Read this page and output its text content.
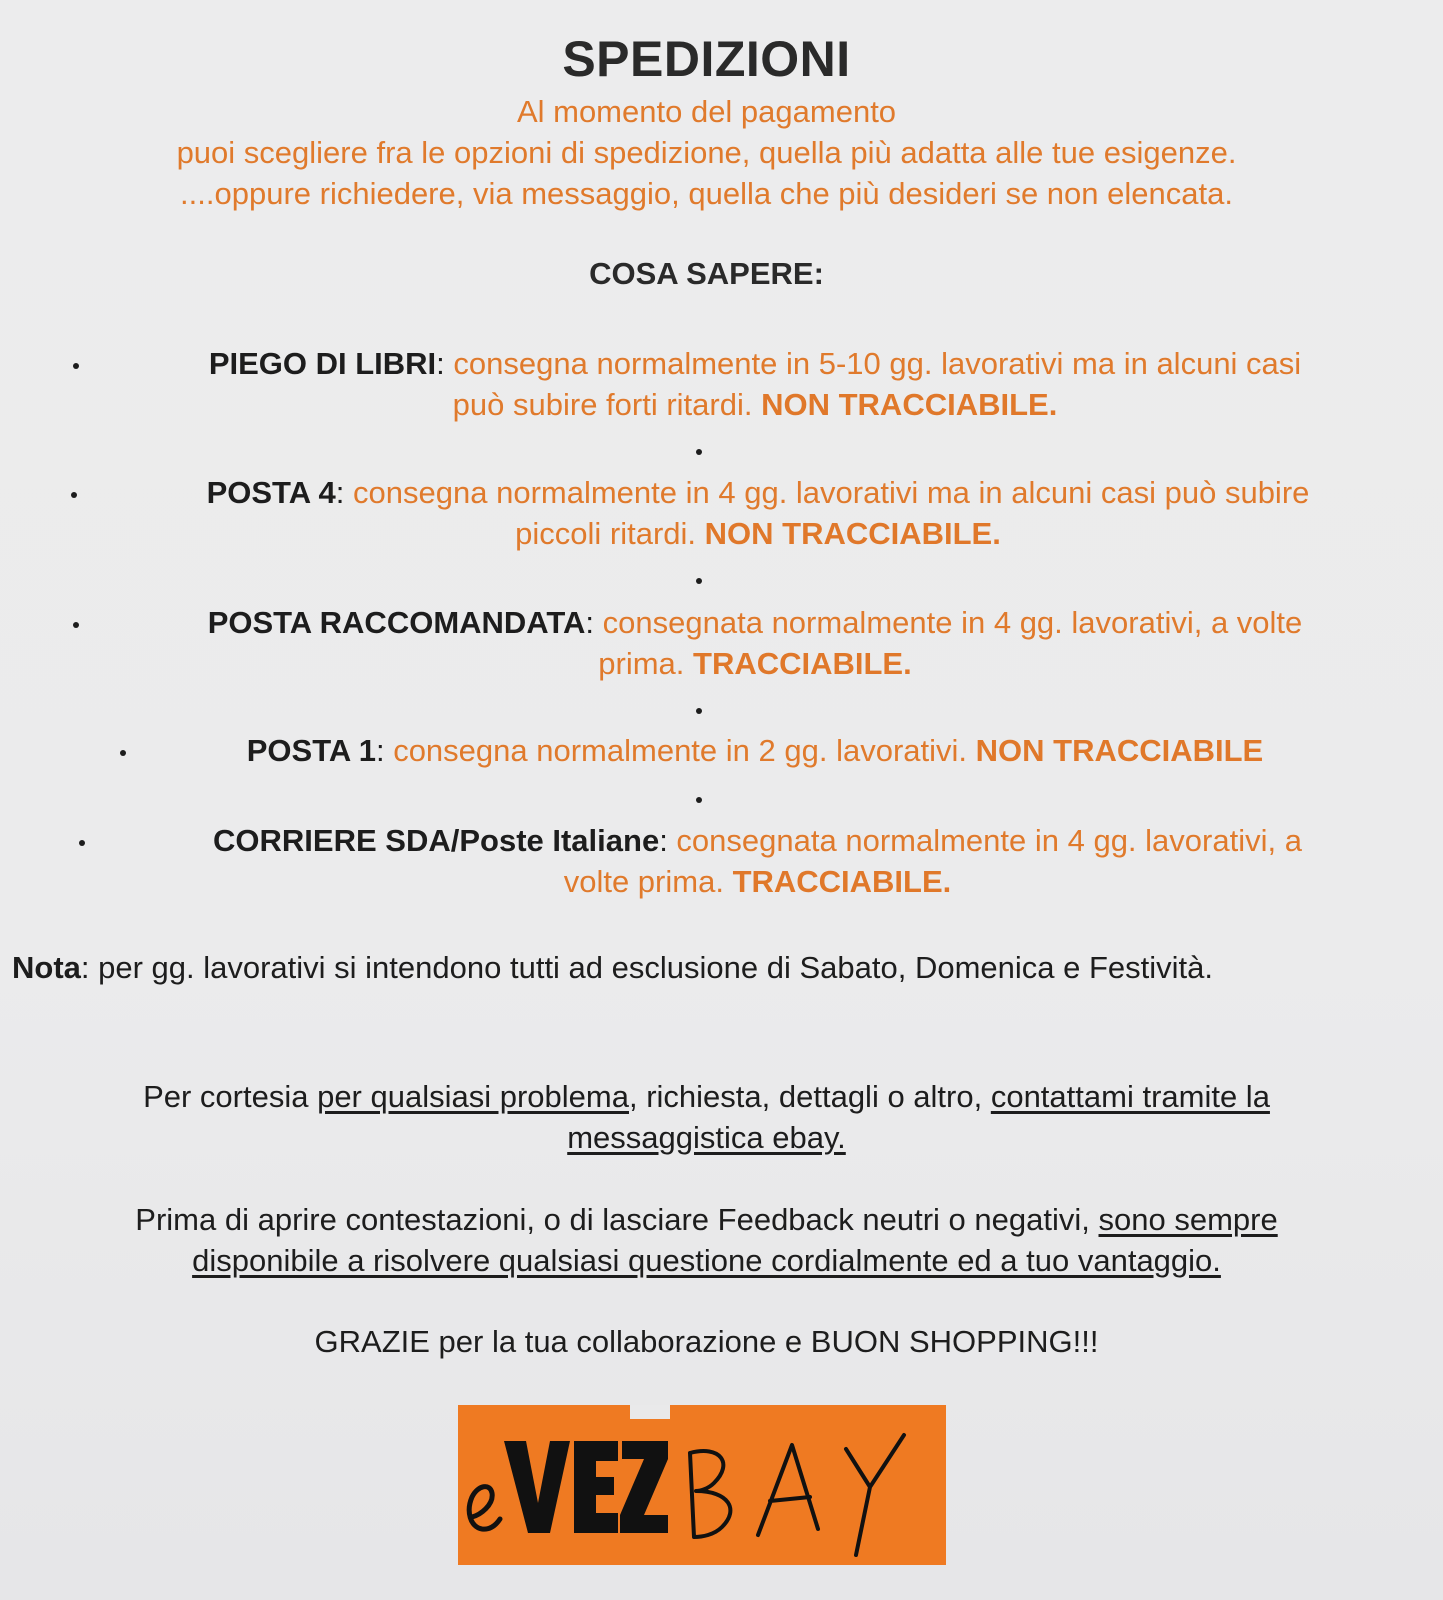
SPEDIZIONI
Al momento del pagamento
puoi scegliere fra le opzioni di spedizione, quella più adatta alle tue esigenze.
....oppure richiedere, via messaggio, quella che più desideri se non elencata.
COSA SAPERE:
PIEGO DI LIBRI: consegna normalmente in 5-10 gg. lavorativi ma in alcuni casi
può subire forti ritardi. NON TRACCIABILE.
POSTA 4: consegna normalmente in 4 gg. lavorativi ma in alcuni casi può subire
piccoli ritardi. NON TRACCIABILE.
POSTA RACCOMANDATA: consegnata normalmente in 4 gg. lavorativi, a volte
prima. TRACCIABILE.
POSTA 1: consegna normalmente in 2 gg. lavorativi. NON TRACCIABILE
CORRIERE SDA/Poste Italiane: consegnata normalmente in 4 gg. lavorativi, a
volte prima. TRACCIABILE.
Nota: per gg. lavorativi si intendono tutti ad esclusione di Sabato, Domenica e Festività.
Per cortesia per qualsiasi problema, richiesta, dettagli o altro, contattami tramite la
messaggistica ebay.
Prima di aprire contestazioni, o di lasciare Feedback neutri o negativi, sono sempre
disponibile a risolvere qualsiasi questione cordialmente ed a tuo vantaggio.
GRAZIE per la tua collaborazione e BUON SHOPPING!!!
